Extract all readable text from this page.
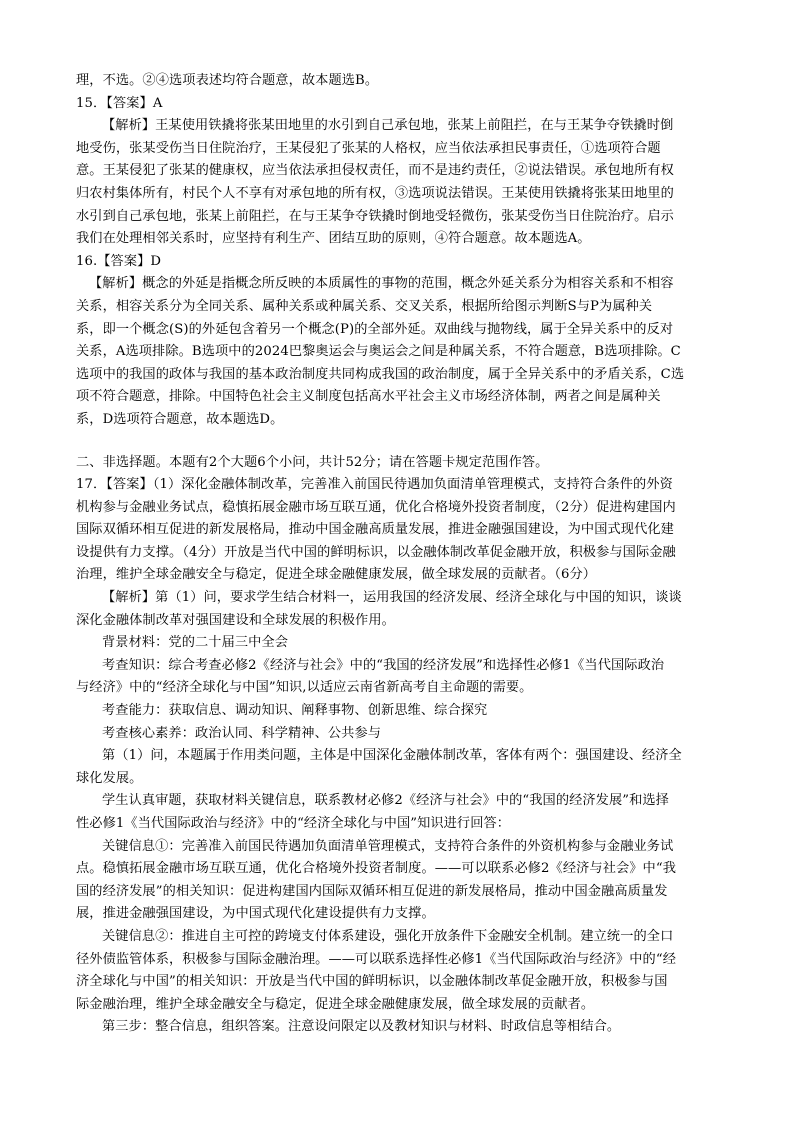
理，不选。②④选项表述均符合题意，故本题选B。
15．【答案】A
【解析】王某使用铁撬将张某田地里的水引到自己承包地，张某上前阻拦，在与王某争夺铁撬时倒
地受伤，张某受伤当日住院治疗，王某侵犯了张某的人格权，应当依法承担民事责任，①选项符合题
意。王某侵犯了张某的健康权，应当依法承担侵权责任，而不是违约责任，②说法错误。承包地所有权
归农村集体所有，村民个人不享有对承包地的所有权，③选项说法错误。王某使用铁撬将张某田地里的
水引到自己承包地，张某上前阻拦，在与王某争夺铁撬时倒地受轻微伤，张某受伤当日住院治疗。启示
我们在处理相邻关系时，应坚持有利生产、团结互助的原则，④符合题意。故本题选A。
16.【答案】D
【解析】概念的外延是指概念所反映的本质属性的事物的范围，概念外延关系分为相容关系和不相容
关系，相容关系分为全同关系、属种关系或种属关系、交叉关系，根据所给图示判断S与P为属种关
系，即一个概念(S)的外延包含着另一个概念(P)的全部外延。双曲线与抛物线，属于全异关系中的反对
关系，A选项排除。B选项中的2024巴黎奥运会与奥运会之间是种属关系，不符合题意，B选项排除。C
选项中的我国的政体与我国的基本政治制度共同构成我国的政治制度，属于全异关系中的矛盾关系，C选
项不符合题意，排除。中国特色社会主义制度包括高水平社会主义市场经济体制，两者之间是属种关
系，D选项符合题意，故本题选D。
二、非选择题。本题有2个大题6个小问，共计52分；请在答题卡规定范围作答。
17．【答案】（1）深化金融体制改革，完善准入前国民待遇加负面清单管理模式，支持符合条件的外资
机构参与金融业务试点，稳慎拓展金融市场互联互通，优化合格境外投资者制度，（2分）促进构建国内
国际双循环相互促进的新发展格局，推动中国金融高质量发展，推进金融强国建设，为中国式现代化建
设提供有力支撑。（4分）开放是当代中国的鲜明标识，以金融体制改革促金融开放，积极参与国际金融
治理，维护全球金融安全与稳定，促进全球金融健康发展，做全球发展的贡献者。（6分）
【解析】第（1）问，要求学生结合材料一，运用我国的经济发展、经济全球化与中国的知识，谈谈
深化金融体制改革对强国建设和全球发展的积极作用。
背景材料：党的二十届三中全会
考查知识：综合考查必修2《经济与社会》中的“我国的经济发展”和选择性必修1《当代国际政治
与经济》中的“经济全球化与中国”知识,以适应云南省新高考自主命题的需要。
考查能力：获取信息、调动知识、阐释事物、创新思维、综合探究
考查核心素养：政治认同、科学精神、公共参与
第（1）问，本题属于作用类问题，主体是中国深化金融体制改革，客体有两个：强国建设、经济全
球化发展。
学生认真审题，获取材料关键信息，联系教材必修2《经济与社会》中的“我国的经济发展”和选择
性必修1《当代国际政治与经济》中的“经济全球化与中国”知识进行回答：
关键信息①：完善准入前国民待遇加负面清单管理模式，支持符合条件的外资机构参与金融业务试
点。稳慎拓展金融市场互联互通，优化合格境外投资者制度。——可以联系必修2《经济与社会》中“我
国的经济发展”的相关知识：促进构建国内国际双循环相互促进的新发展格局，推动中国金融高质量发
展，推进金融强国建设，为中国式现代化建设提供有力支撑。
关键信息②：推进自主可控的跨境支付体系建设，强化开放条件下金融安全机制。建立统一的全口
径外债监管体系，积极参与国际金融治理。——可以联系选择性必修1《当代国际政治与经济》中的“经
济全球化与中国”的相关知识：开放是当代中国的鲜明标识，以金融体制改革促金融开放，积极参与国
际金融治理，维护全球金融安全与稳定，促进全球金融健康发展，做全球发展的贡献者。
第三步：整合信息，组织答案。注意设问限定以及教材知识与材料、时政信息等相结合。
